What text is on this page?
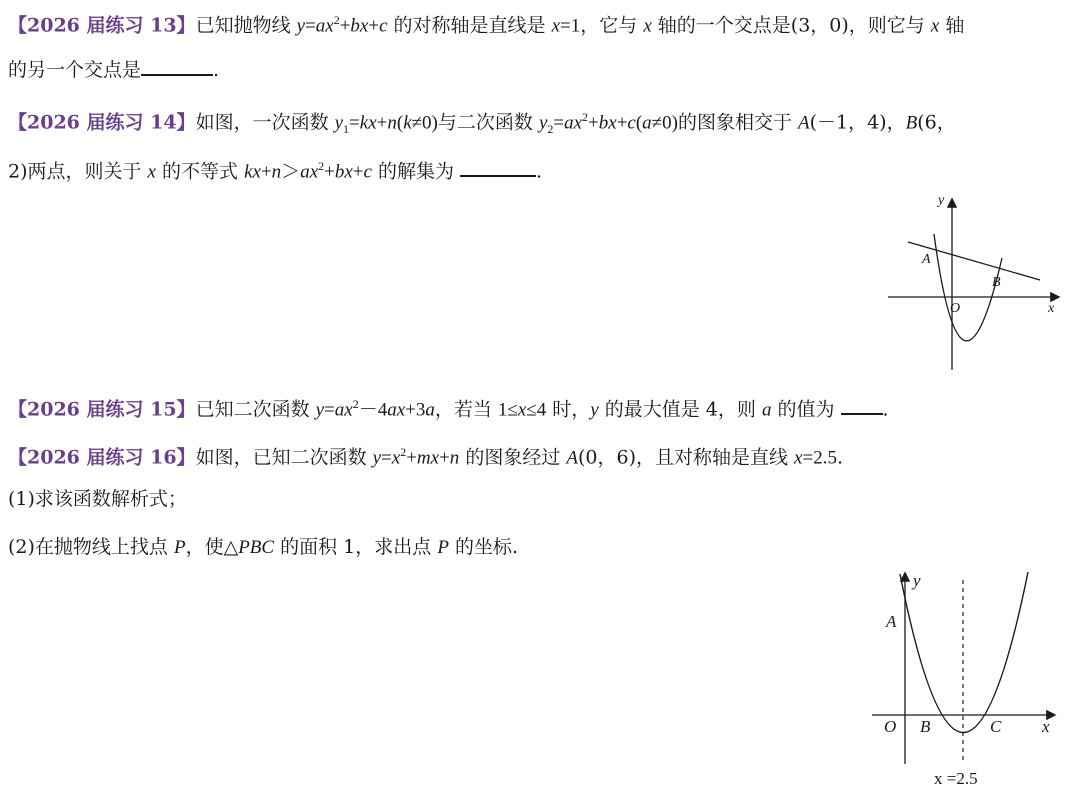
【2026 届练习 13】已知抛物线 $y=ax^2+bx+c$ 的对称轴是直线是 x=1，它与 x 轴的一个交点是(3，0)，则它与 x 轴
的另一个交点是	.
【2026 届练习 14】如图，一次函数 $y_1=kx+n(k\ne 0)$与二次函数 $y_2=ax^2+bx+c(a\ne 0)$的图象相交于 A(－1，4)，B(6，
2)两点，则关于 x 的不等式 $kx+n>ax^2+bx+c$ 的解集为	.
y
x
A
B
O
【2026 届练习 15】已知二次函数 $y=ax^2-4ax+3a$，若当 1≤x≤4 时，y 的最大值是 4，则 a 的值为 .
【2026 届练习 16】如图，已知二次函数 $y=x^2+mx+n$ 的图象经过 A(0，6)，且对称轴是直线 x=2.5.
(1)求该函数解析式；
(2)在抛物线上找点 P，使△PBC 的面积 1，求出点 P 的坐标.
y
x
A
B	C
O
x =2.5
